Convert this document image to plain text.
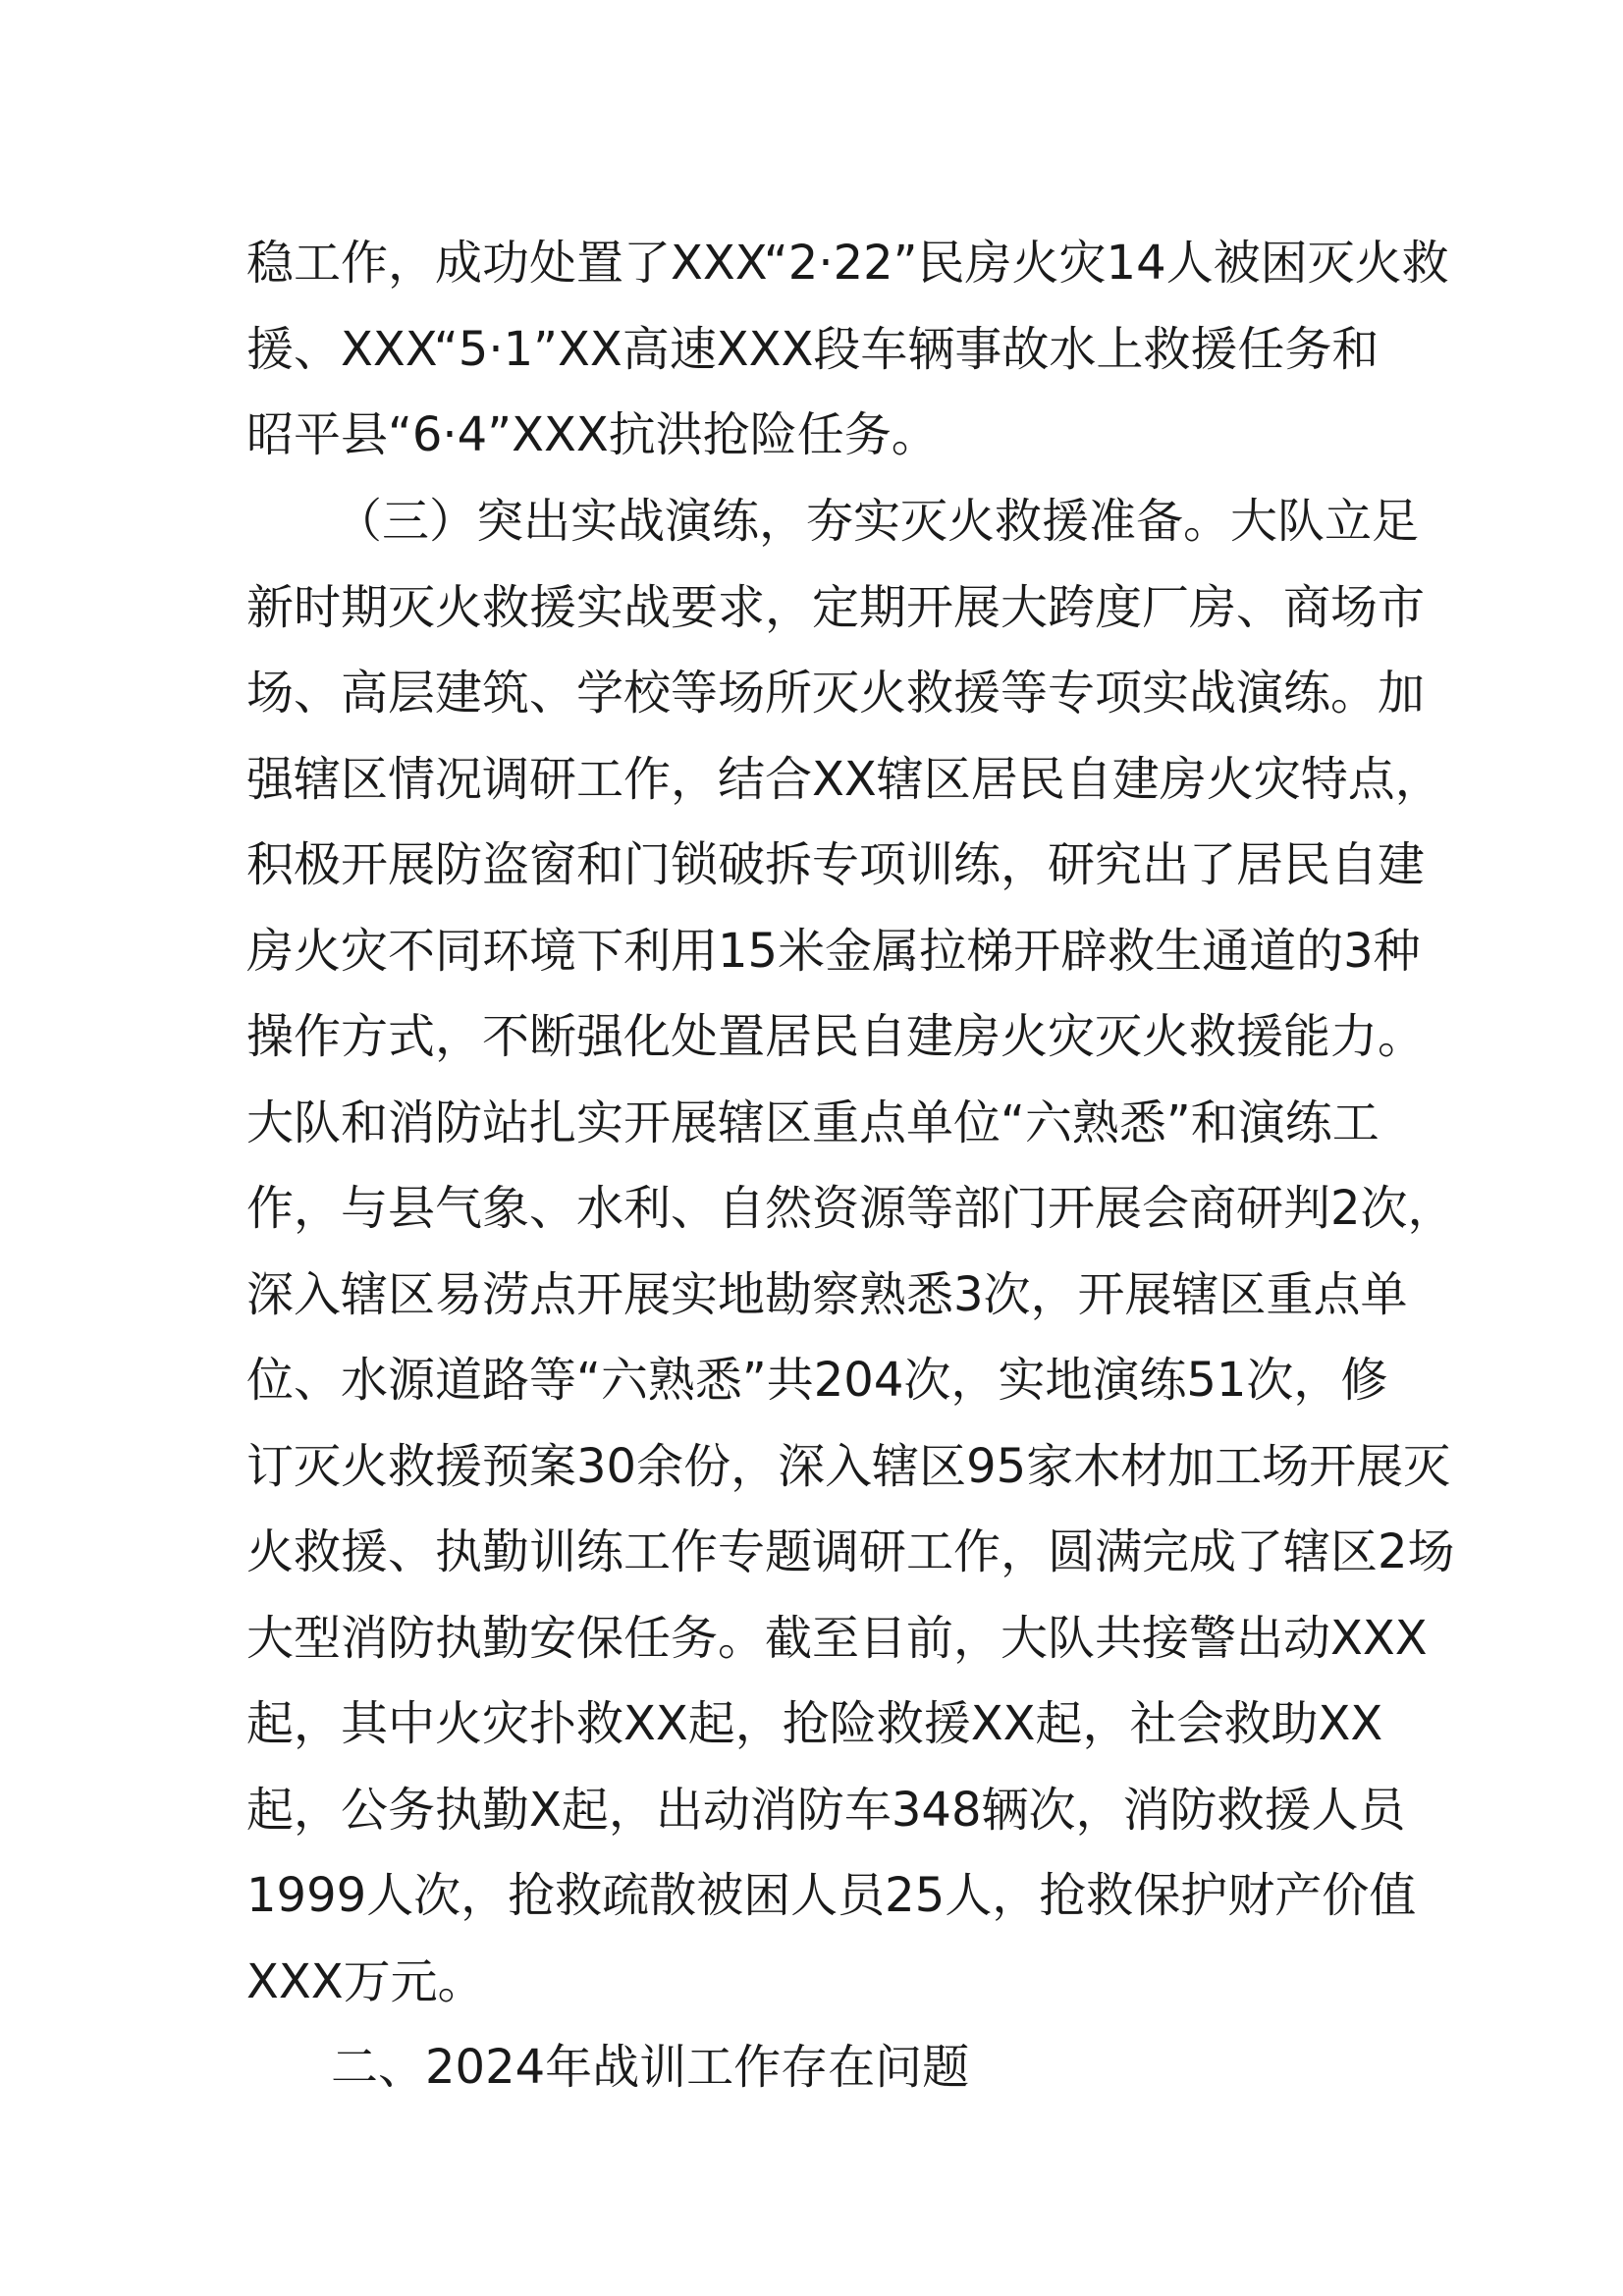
稳工作，成功处置了XXX“2·22”民房火灾14人被困灭火救
援、XXX“5·1”XX高速XXX段车辆事故水上救援任务和
昭平县“6·4”XXX抗洪抢险任务。
（三）突出实战演练，夯实灭火救援准备。大队立足
新时期灭火救援实战要求，定期开展大跨度厂房、商场市
场、高层建筑、学校等场所灭火救援等专项实战演练。加
强辖区情况调研工作，结合XX辖区居民自建房火灾特点，
积极开展防盗窗和门锁破拆专项训练，研究出了居民自建
房火灾不同环境下利用15米金属拉梯开辟救生通道的3种
操作方式，不断强化处置居民自建房火灾灭火救援能力。
大队和消防站扎实开展辖区重点单位“六熟悉”和演练工
作，与县气象、水利、自然资源等部门开展会商研判2次，
深入辖区易涝点开展实地勘察熟悉3次，开展辖区重点单
位、水源道路等“六熟悉”共204次，实地演练51次，修
订灭火救援预案30余份，深入辖区95家木材加工场开展灭
火救援、执勤训练工作专题调研工作，圆满完成了辖区2场
大型消防执勤安保任务。截至目前，大队共接警出动XXX
起，其中火灾扑救XX起，抢险救援XX起，社会救助XX
起，公务执勤X起，出动消防车348辆次，消防救援人员
1999人次，抢救疏散被困人员25人，抢救保护财产价值
XXX万元。
二、2024年战训工作存在问题
